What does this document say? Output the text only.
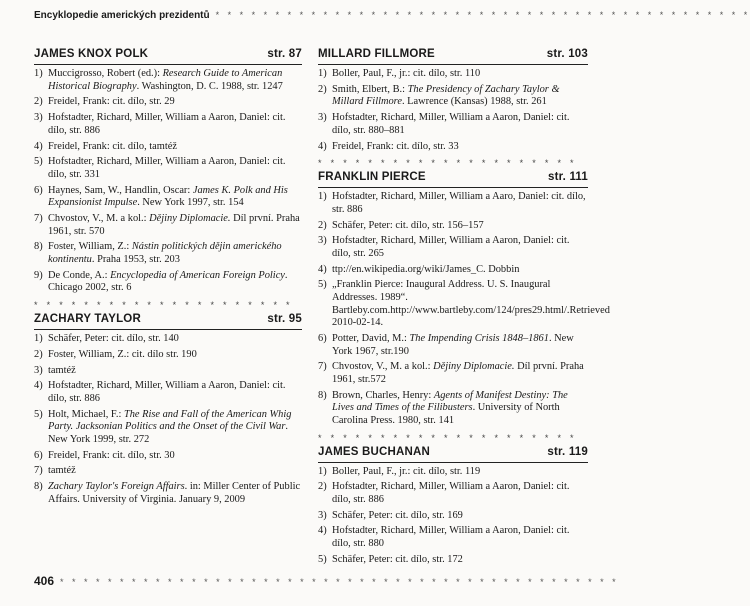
Encyklopedie amerických prezidentů * * * * * * * * * * * * * * * * * * * * * * * * * * * * * * * * * * * * * * * * * * * * *
JAMES KNOX POLK	str. 87
1) Muccigrosso, Robert (ed.): Research Guide to American Historical Biography. Washington, D. C. 1988, str. 1247
2) Freidel, Frank: cit. dílo, str. 29
3) Hofstadter, Richard, Miller, William a Aaron, Daniel: cit. dílo, str. 886
4) Freidel, Frank: cit. dílo, tamtéž
5) Hofstadter, Richard, Miller, William a Aaron, Daniel: cit. dílo, str. 331
6) Haynes, Sam, W., Handlin, Oscar: James K. Polk and His Expansionist Impulse. New York 1997, str. 154
7) Chvostov, V., M. a kol.: Dějiny Diplomacie. Díl první. Praha 1961, str. 570
8) Foster, William, Z.: Nástin politických dějin amerického kontinentu. Praha 1953, str. 203
9) De Conde, A.: Encyclopedia of American Foreign Policy. Chicago 2002, str. 6
* * * * * * * * * * * * * * * * * * * * *
ZACHARY TAYLOR	str. 95
1) Schäfer, Peter: cit. dílo, str. 140
2) Foster, William, Z.: cit. dílo str. 190
3) tamtéž
4) Hofstadter, Richard, Miller, William a Aaron, Daniel: cit. dílo, str. 886
5) Holt, Michael, F.: The Rise and Fall of the American Whig Party. Jacksonian Politics and the Onset of the Civil War. New York 1999, str. 272
6) Freidel, Frank: cit. dílo, str. 30
7) tamtéž
8) Zachary Taylor's Foreign Affairs. in: Miller Center of Public Affairs. University of Virginia. January 9, 2009
MILLARD FILLMORE	str. 103
1) Boller, Paul, F., jr.: cit. dílo, str. 110
2) Smith, Elbert, B.: The Presidency of Zachary Taylor & Millard Fillmore. Lawrence (Kansas) 1988, str. 261
3) Hofstadter, Richard, Miller, William a Aaron, Daniel: cit. dílo, str. 880–881
4) Freidel, Frank: cit. dílo, str. 33
* * * * * * * * * * * * * * * * * * * * *
FRANKLIN PIERCE	str. 111
1) Hofstadter, Richard, Miller, William a Aaro, Daniel: cit. dílo, str. 886
2) Schäfer, Peter: cit. dílo, str. 156–157
3) Hofstadter, Richard, Miller, William a Aaron, Daniel: cit. dílo, str. 265
4) ttp://en.wikipedia.org/wiki/James_C. Dobbin
5) „Franklin Pierce: Inaugural Address. U. S. Inaugural Addresses. 1989“. Bartleby.com.http://www.bartleby.com/124/pres29.html/.Retrieved 2010-02-14.
6) Potter, David, M.: The Impending Crisis 1848–1861. New York 1967, str.190
7) Chvostov, V., M. a kol.: Dějiny Diplomacie. Díl první. Praha 1961, str.572
8) Brown, Charles, Henry: Agents of Manifest Destiny: The Lives and Times of the Filibusters. University of North Carolina Press. 1980, str. 141
* * * * * * * * * * * * * * * * * * * * *
JAMES BUCHANAN	str. 119
1) Boller, Paul, F., jr.: cit. dílo, str. 119
2) Hofstadter, Richard, Miller, William a Aaron, Daniel: cit. dílo, str. 886
3) Schäfer, Peter: cit. dílo, str. 169
4) Hofstadter, Richard, Miller, William a Aaron, Daniel: cit. dílo, str. 880
5) Schäfer, Peter: cit. dílo, str. 172
406 * * * * * * * * * * * * * * * * * * * * * * * * * * * * * * * * * * * * * * * * * * * * * * *
